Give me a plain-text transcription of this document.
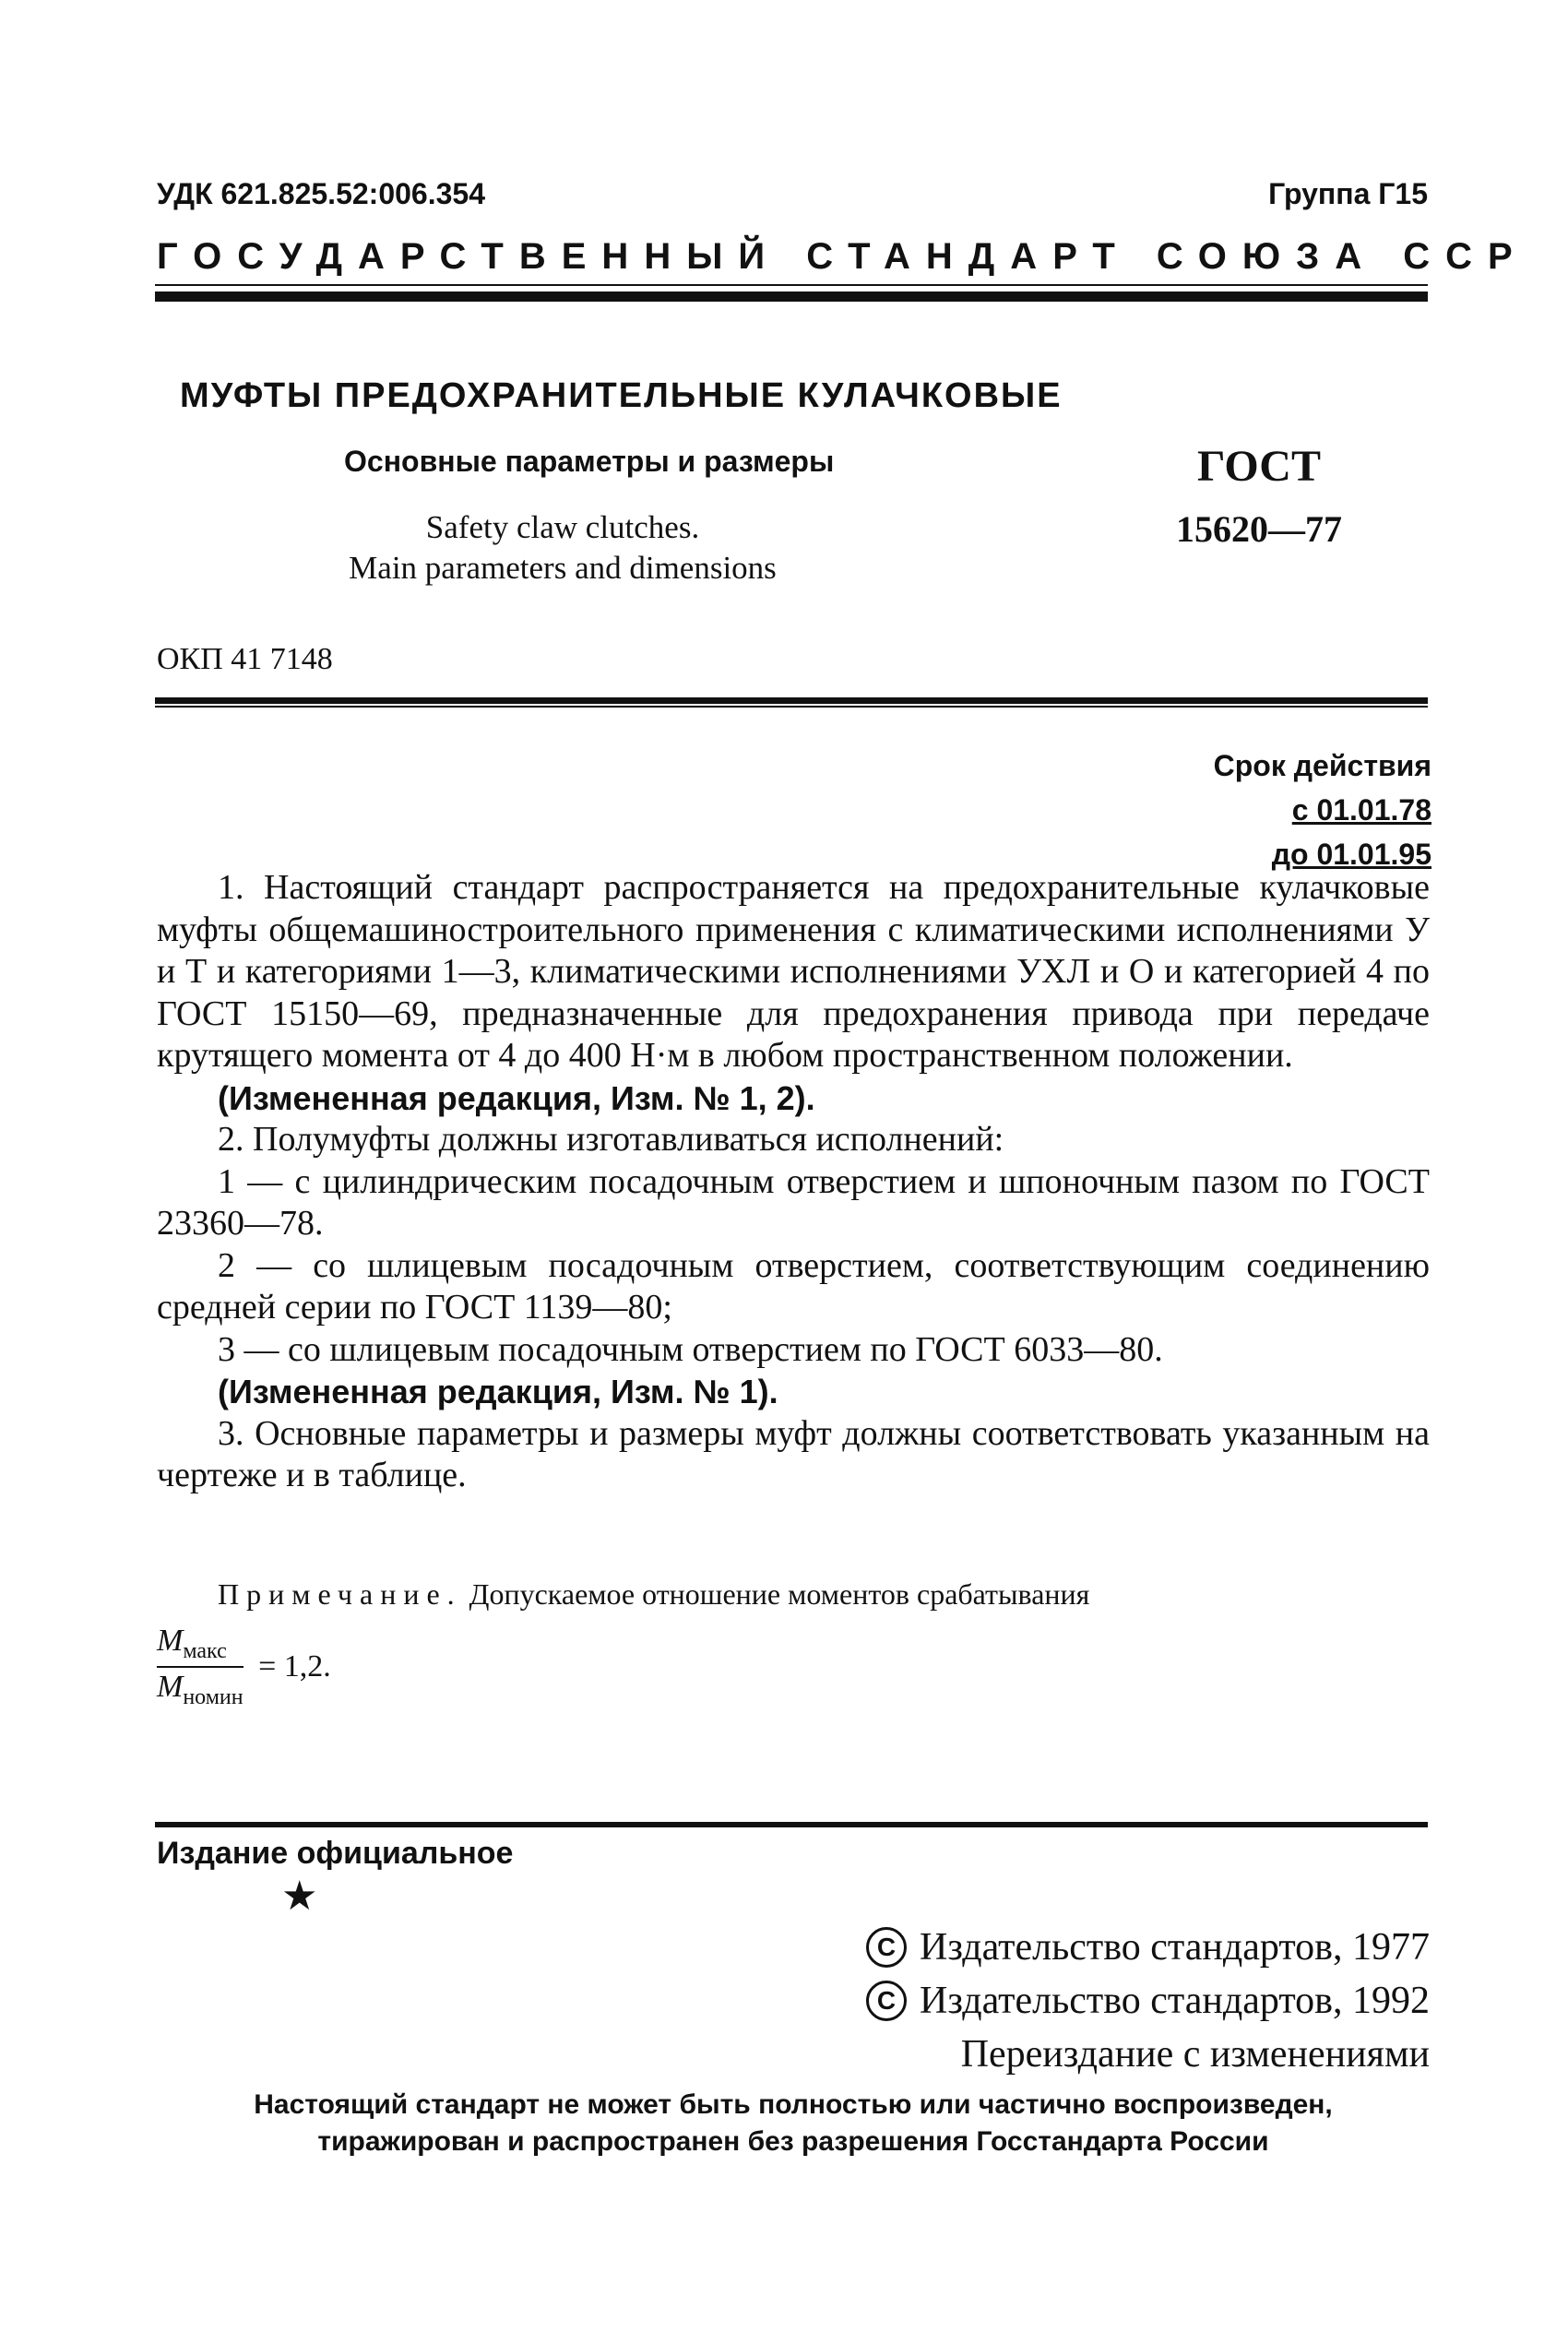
УДК 621.825.52:006.354	Группа Г15
ГОСУДАРСТВЕННЫЙ СТАНДАРТ СОЮЗА ССР
МУФТЫ ПРЕДОХРАНИТЕЛЬНЫЕ КУЛАЧКОВЫЕ
Основные параметры и размеры
Safety claw clutches.
Main parameters and dimensions
ГОСТ
15620—77
ОКП 41 7148
Срок действия
с 01.01.78
до 01.01.95

1. Настоящий стандарт распространяется на предохранительные кулачковые муфты общемашиностроительного применения с климатическими исполнениями У и Т и категориями 1—3, климатическими исполнениями УХЛ и О и категорией 4 по ГОСТ 15150—69, предназначенные для предохранения привода при передаче крутящего момента от 4 до 400 Н·м в любом пространственном положении.

(Измененная редакция, Изм. № 1, 2).

2. Полумуфты должны изготавливаться исполнений:

1 — с цилиндрическим посадочным отверстием и шпоночным пазом по ГОСТ 23360—78.

2 — со шлицевым посадочным отверстием, соответствующим соединению средней серии по ГОСТ 1139—80;

3 — со шлицевым посадочным отверстием по ГОСТ 6033—80.

(Измененная редакция, Изм. № 1).

3. Основные параметры и размеры муфт должны соответствовать указанным на чертеже и в таблице.

Примечание. Допускаемое отношение моментов срабатывания
$\frac{M_{макс}}{M_{номин}} = 1,2$.
Издание официальное
★
C Издательство стандартов, 1977
C Издательство стандартов, 1992
Переиздание с изменениями
Настоящий стандарт не может быть полностью или частично воспроизведен,
тиражирован и распространен без разрешения Госстандарта России
